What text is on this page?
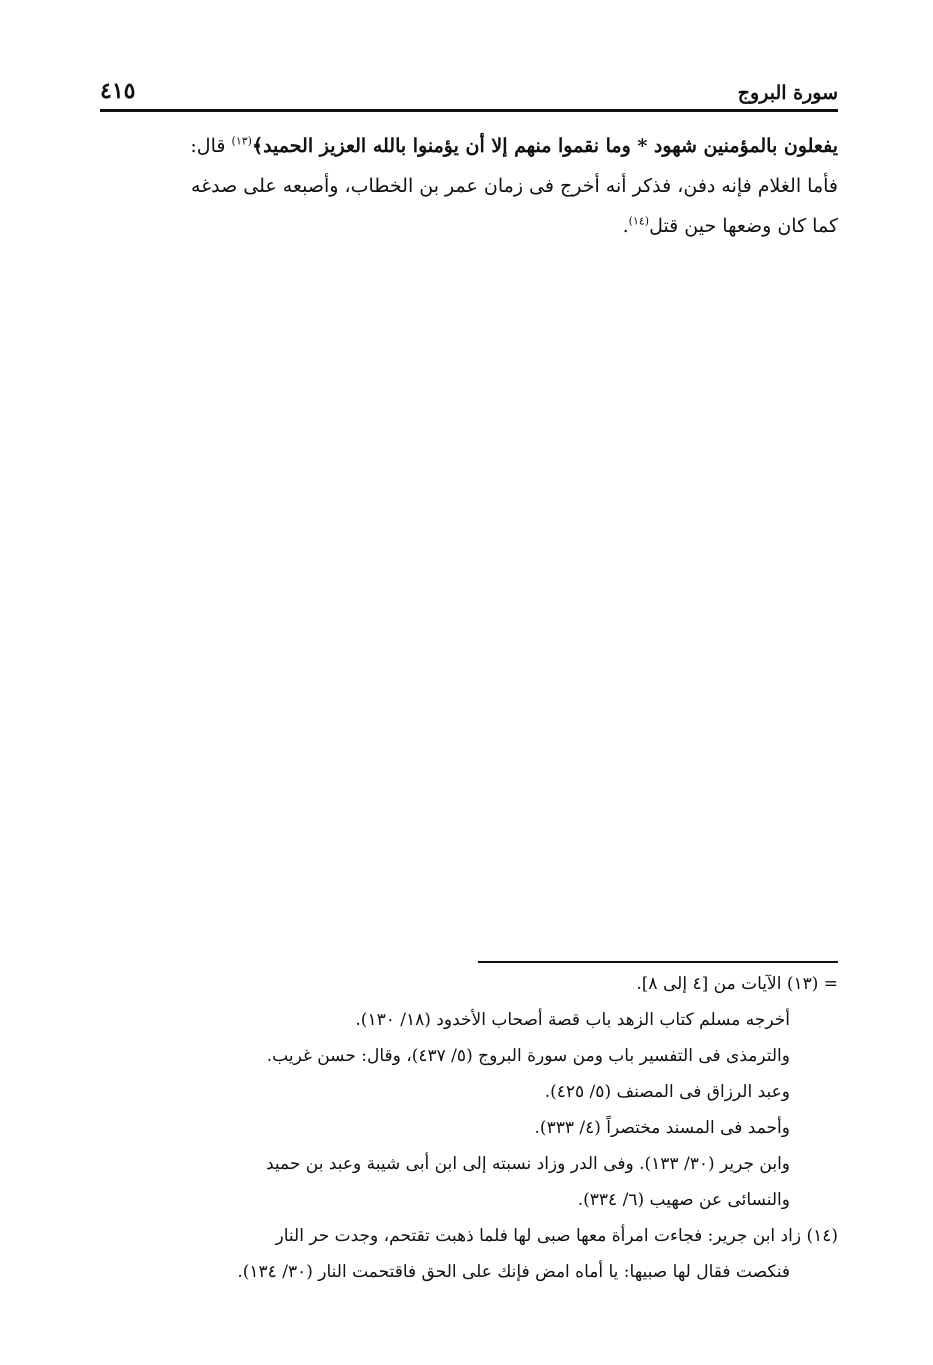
٤١٥	سورة البروج
يفعلون بالمؤمنين شهود * وما نقموا منهم إلا أن يؤمنوا بالله العزيز الحميد﴾$^{(١٣)}$ قال:
فأما الغلام فإنه دفن، فذكر أنه أخرج فى زمان عمر بن الخطاب، وأصبعه على صدغه
كما كان وضعها حين قتل$^{(١٤)}$.
= (١٣) الآيات من [٤ إلى ٨].
أخرجه مسلم كتاب الزهد باب قصة أصحاب الأخدود (١٨/ ١٣٠).
والترمذى فى التفسير باب ومن سورة البروج (٥/ ٤٣٧)، وقال: حسن غريب.
وعبد الرزاق فى المصنف (٥/ ٤٢٥).
وأحمد فى المسند مختصراً (٤/ ٣٣٣).
وابن جرير (٣٠/ ١٣٣). وفى الدر وزاد نسبته إلى ابن أبى شيبة وعبد بن حميد
والنسائى عن صهيب (٦/ ٣٣٤).
(١٤) زاد ابن جرير: فجاءت امرأة معها صبى لها فلما ذهبت تقتحم، وجدت حر النار
فنكصت فقال لها صبيها: يا أماه امض فإنك على الحق فاقتحمت النار (٣٠/ ١٣٤).
